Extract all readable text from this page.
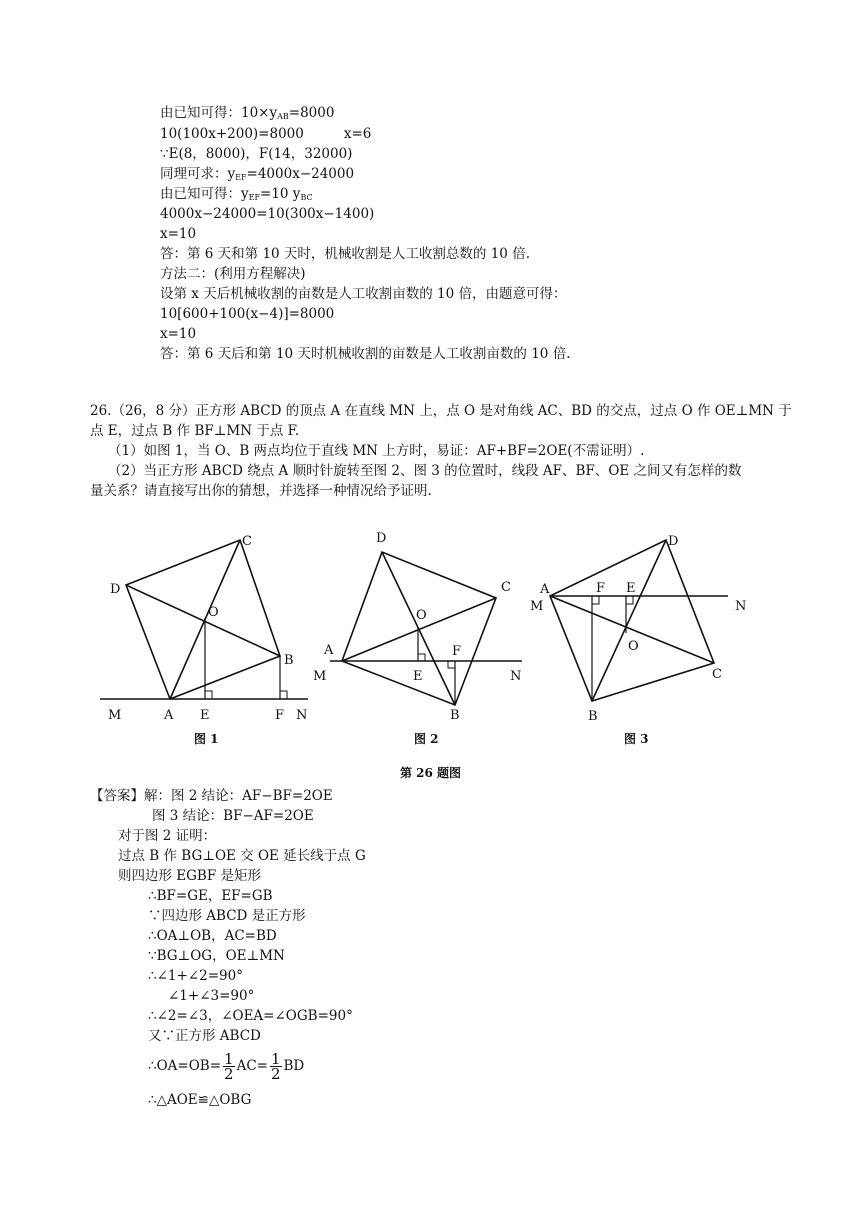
由已知可得：$10\times y_{AB}=8000$
10(100x+200)=8000	x=6
∵E(8，8000)，F(14，32000)
同理可求：$y_{EF}=4000x-24000$
由已知可得：$y_{EF}=10$ $y_{BC}$
4000x−24000=10(300x−1400)
x=10
答：第 6 天和第 10 天时，机械收割是人工收割总数的 10 倍.
方法二：(利用方程解决)
设第 x 天后机械收割的亩数是人工收割亩数的 10 倍，由题意可得：
10[600+100(x−4)]=8000
x=10
答：第 6 天后和第 10 天时机械收割的亩数是人工收割亩数的 10 倍.
26.（26，8 分）正方形 ABCD 的顶点 A 在直线 MN 上，点 O 是对角线 AC、BD 的交点，过点 O 作 OE⊥MN 于
点 E，过点 B 作 BF⊥MN 于点 F.
（1）如图 1，当 O、B 两点均位于直线 MN 上方时，易证：AF+BF=2OE(不需证明）.
（2）当正方形 ABCD 绕点 A 顺时针旋转至图 2、图 3 的位置时，线段 AF、BF、OE 之间又有怎样的数
量关系？请直接写出你的猜想，并选择一种情况给予证明.
C
D
O
B
M	A E	F N
图 1
D
C
O
A	F
M	E	N
B
图 2
D
A	F E
M	N
O
C
B
图 3
第 26 题图
【答案】解：图 2 结论：AF−BF=2OE
图 3 结论：BF−AF=2OE
对于图 2 证明：
过点 B 作 BG⊥OE 交 OE 延长线于点 G
则四边形 EGBF 是矩形
∴BF=GE，EF=GB
∵四边形 ABCD 是正方形
∴OA⊥OB，AC=BD
∵BG⊥OG，OE⊥MN
∴∠1+∠2=90°
∠1+∠3=90°
∴∠2=∠3，∠OEA=∠OGB=90°
又∵正方形 ABCD
∴OA=OB= $\frac{1}{2} AC= \frac{1}{2}$ BD
∴△AOE≌△OBG
